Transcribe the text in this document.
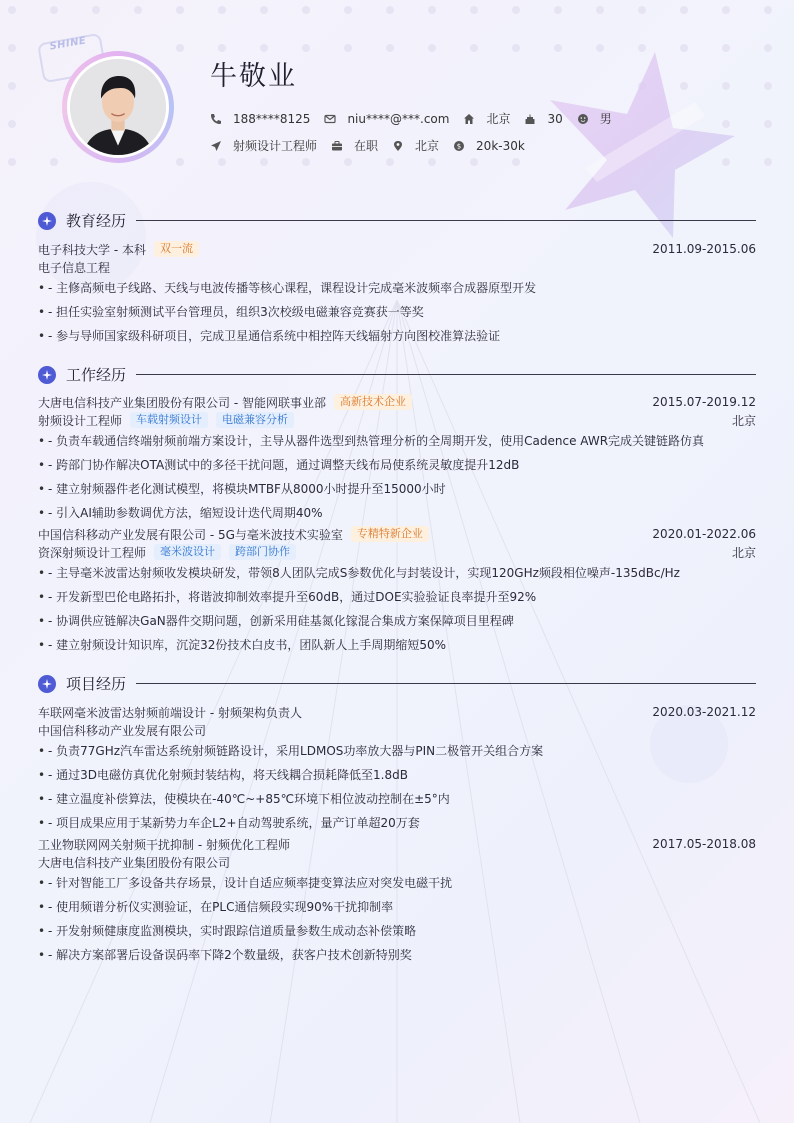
SHINE
牛敬业
188****8125	niu****@***.com	北京	30	男
射频设计工程师	在职	北京	$ 20k-30k
教育经历
电子科技大学 - 本科	双一流	2011.09-2015.06
电子信息工程
• - 主修高频电子线路、天线与电波传播等核心课程，课程设计完成毫米波频率合成器原型开发
• - 担任实验室射频测试平台管理员，组织3次校级电磁兼容竞赛获一等奖
• - 参与导师国家级科研项目，完成卫星通信系统中相控阵天线辐射方向图校准算法验证
工作经历
大唐电信科技产业集团股份有限公司 - 智能网联事业部	高新技术企业	2015.07-2019.12
射频设计工程师	车载射频设计	电磁兼容分析	北京
• - 负责车载通信终端射频前端方案设计，主导从器件选型到热管理分析的全周期开发，使用Cadence AWR完成关键链路仿真
• - 跨部门协作解决OTA测试中的多径干扰问题，通过调整天线布局使系统灵敏度提升12dB
• - 建立射频器件老化测试模型，将模块MTBF从8000小时提升至15000小时
• - 引入AI辅助参数调优方法，缩短设计迭代周期40%
中国信科移动产业发展有限公司 - 5G与毫米波技术实验室	专精特新企业	2020.01-2022.06
资深射频设计工程师	毫米波设计	跨部门协作	北京
• - 主导毫米波雷达射频收发模块研发，带领8人团队完成S参数优化与封装设计，实现120GHz频段相位噪声-135dBc/Hz
• - 开发新型巴伦电路拓扑，将谐波抑制效率提升至60dB，通过DOE实验验证良率提升至92%
• - 协调供应链解决GaN器件交期问题，创新采用硅基氮化镓混合集成方案保障项目里程碑
• - 建立射频设计知识库，沉淀32份技术白皮书，团队新人上手周期缩短50%
项目经历
车联网毫米波雷达射频前端设计 - 射频架构负责人	2020.03-2021.12
中国信科移动产业发展有限公司
• - 负责77GHz汽车雷达系统射频链路设计，采用LDMOS功率放大器与PIN二极管开关组合方案
• - 通过3D电磁仿真优化射频封装结构，将天线耦合损耗降低至1.8dB
• - 建立温度补偿算法，使模块在-40℃~+85℃环境下相位波动控制在±5°内
• - 项目成果应用于某新势力车企L2+自动驾驶系统，量产订单超20万套
工业物联网网关射频干扰抑制 - 射频优化工程师	2017.05-2018.08
大唐电信科技产业集团股份有限公司
• - 针对智能工厂多设备共存场景，设计自适应频率捷变算法应对突发电磁干扰
• - 使用频谱分析仪实测验证，在PLC通信频段实现90%干扰抑制率
• - 开发射频健康度监测模块，实时跟踪信道质量参数生成动态补偿策略
• - 解决方案部署后设备误码率下降2个数量级，获客户技术创新特别奖
